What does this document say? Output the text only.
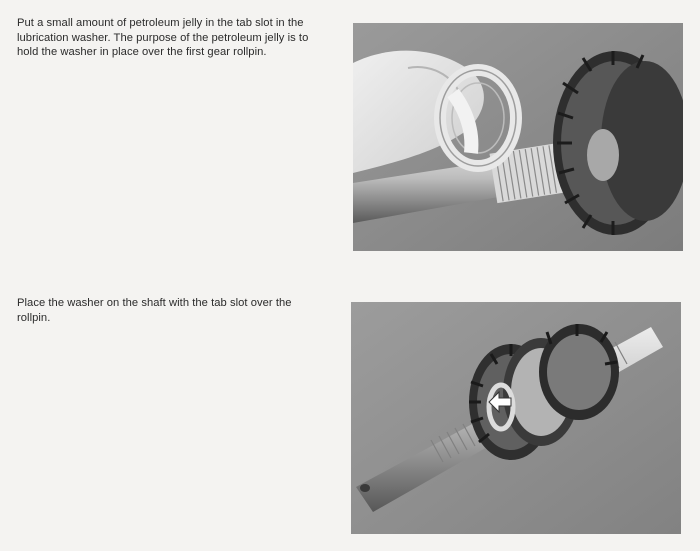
Put a small amount of petroleum jelly in the tab slot in the lubrication washer. The purpose of the petroleum jelly is to hold the washer in place over the first gear rollpin.

Place the washer on the shaft with the tab slot over the rollpin.
